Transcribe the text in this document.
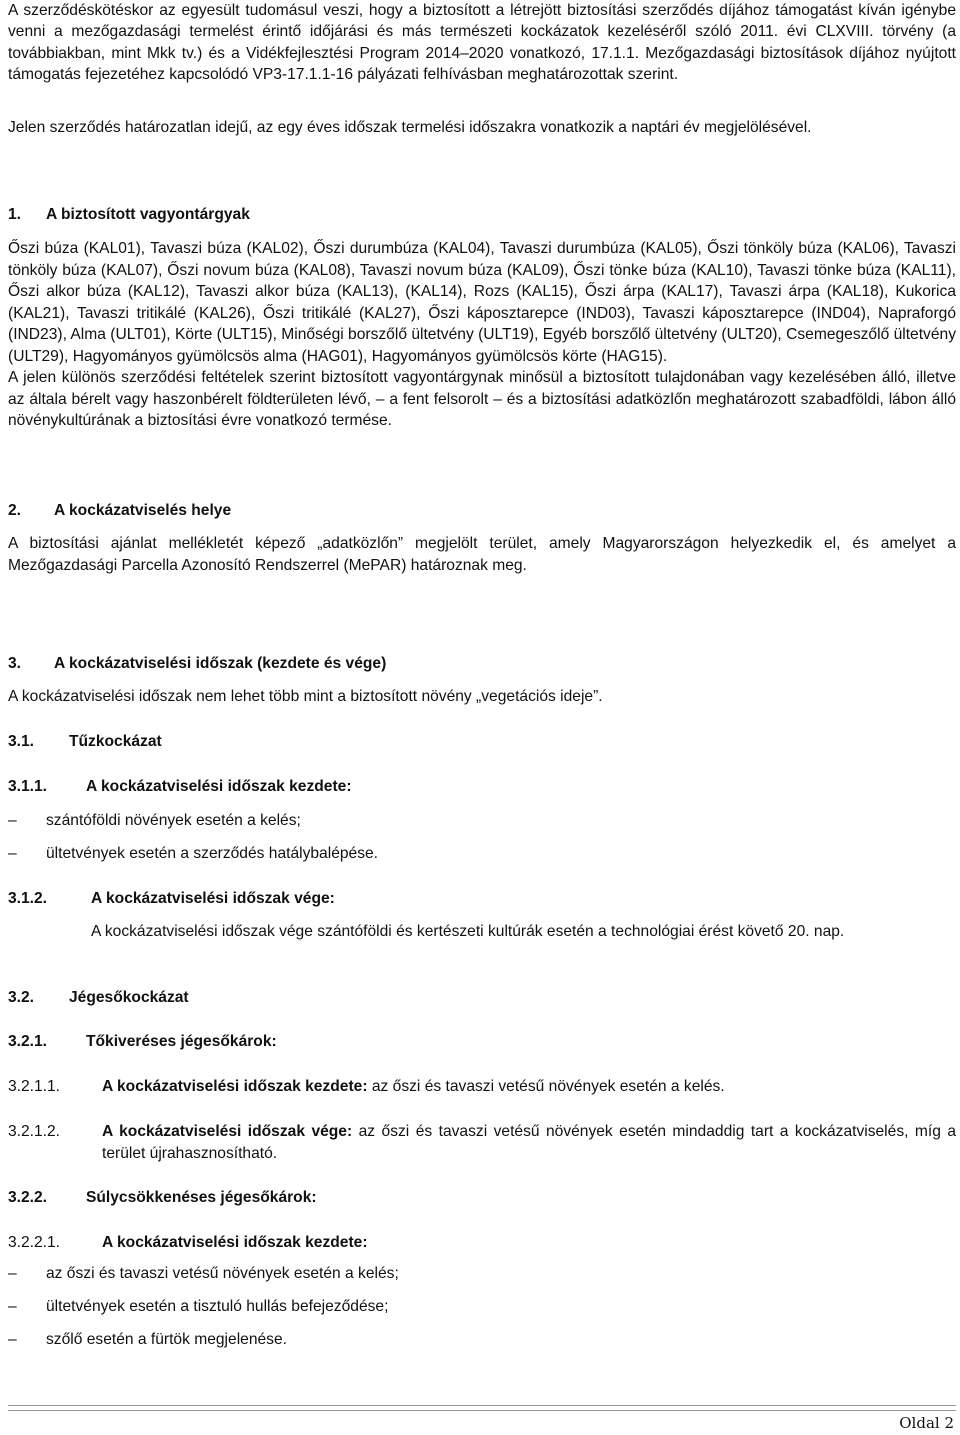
A szerződéskötéskor az egyesült tudomásul veszi, hogy a biztosított a létrejött biztosítási szerződés díjához támogatást kíván igénybe venni a mezőgazdasági termelést érintő időjárási és más természeti kockázatok kezeléséről szóló 2011. évi CLXVIII. törvény (a továbbiakban, mint Mkk tv.) és a Vidékfejlesztési Program 2014–2020 vonatkozó, 17.1.1. Mezőgazdasági biztosítások díjához nyújtott támogatás fejezetéhez kapcsolódó VP3-17.1.1-16 pályázati felhívásban meghatározottak szerint.

Jelen szerződés határozatlan idejű, az egy éves időszak termelési időszakra vonatkozik a naptári év megjelölésével.

1.	A biztosított vagyontárgyak

Őszi búza (KAL01), Tavaszi búza (KAL02), Őszi durumbúza (KAL04), Tavaszi durumbúza (KAL05), Őszi tönköly búza (KAL06), Tavaszi tönköly búza (KAL07), Őszi novum búza (KAL08), Tavaszi novum búza (KAL09), Őszi tönke búza (KAL10), Tavaszi tönke búza (KAL11), Őszi alkor búza (KAL12), Tavaszi alkor búza (KAL13), (KAL14), Rozs (KAL15), Őszi árpa (KAL17), Tavaszi árpa (KAL18), Kukorica (KAL21), Tavaszi tritikálé (KAL26), Őszi tritikálé (KAL27), Őszi káposztarepce (IND03), Tavaszi káposztarepce (IND04), Napraforgó (IND23), Alma (ULT01), Körte (ULT15), Minőségi borszőlő ültetvény (ULT19), Egyéb borszőlő ültetvény (ULT20), Csemegeszőlő ültetvény (ULT29), Hagyományos gyümölcsös alma (HAG01), Hagyományos gyümölcsös körte (HAG15).

A jelen különös szerződési feltételek szerint biztosított vagyontárgynak minősül a biztosított tulajdonában vagy kezelésében álló, illetve az általa bérelt vagy haszonbérelt földterületen lévő, – a fent felsorolt – és a biztosítási adatközlőn meghatározott szabadföldi, lábon álló növénykultúrának a biztosítási évre vonatkozó termése.

2.	A kockázatviselés helye

A biztosítási ajánlat mellékletét képező „adatközlőn” megjelölt terület, amely Magyarországon helyezkedik el, és amelyet a Mezőgazdasági Parcella Azonosító Rendszerrel (MePAR) határoznak meg.

3.	A kockázatviselési időszak (kezdete és vége)

A kockázatviselési időszak nem lehet több mint a biztosított növény „vegetációs ideje”.

3.1.	Tűzkockázat
3.1.1.	A kockázatviselési időszak kezdete:
–	szántóföldi növények esetén a kelés;
–	ültetvények esetén a szerződés hatálybalépése.
3.1.2.	A kockázatviselési időszak vége:

A kockázatviselési időszak vége szántóföldi és kertészeti kultúrák esetén a technológiai érést követő 20. nap.

3.2.	Jégesőkockázat
3.2.1.	Tőkiveréses jégesőkárok:
3.2.1.1.	A kockázatviselési időszak kezdete: az őszi és tavaszi vetésű növények esetén a kelés.
3.2.1.2.	A kockázatviselési időszak vége: az őszi és tavaszi vetésű növények esetén mindaddig tart a kockázatviselés, míg a terület újrahasznosítható.

3.2.2.	Súlycsökkenéses jégesőkárok:
3.2.2.1.	A kockázatviselési időszak kezdete:
–	az őszi és tavaszi vetésű növények esetén a kelés;
–	ültetvények esetén a tisztuló hullás befejeződése;
–	szőlő esetén a fürtök megjelenése.
Oldal 2
